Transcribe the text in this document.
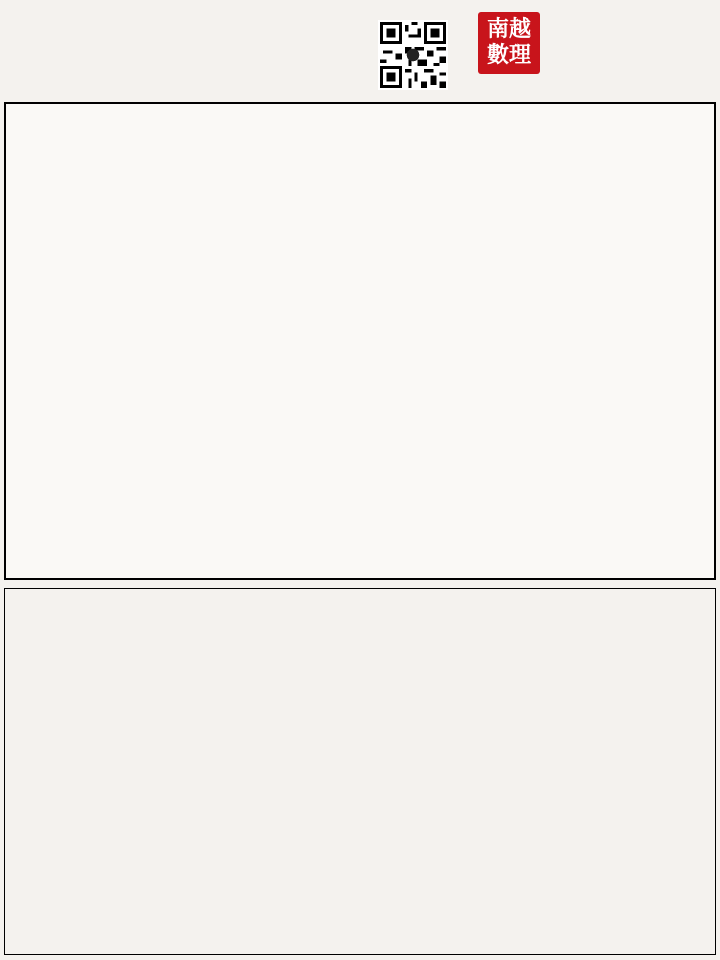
南越
數理
